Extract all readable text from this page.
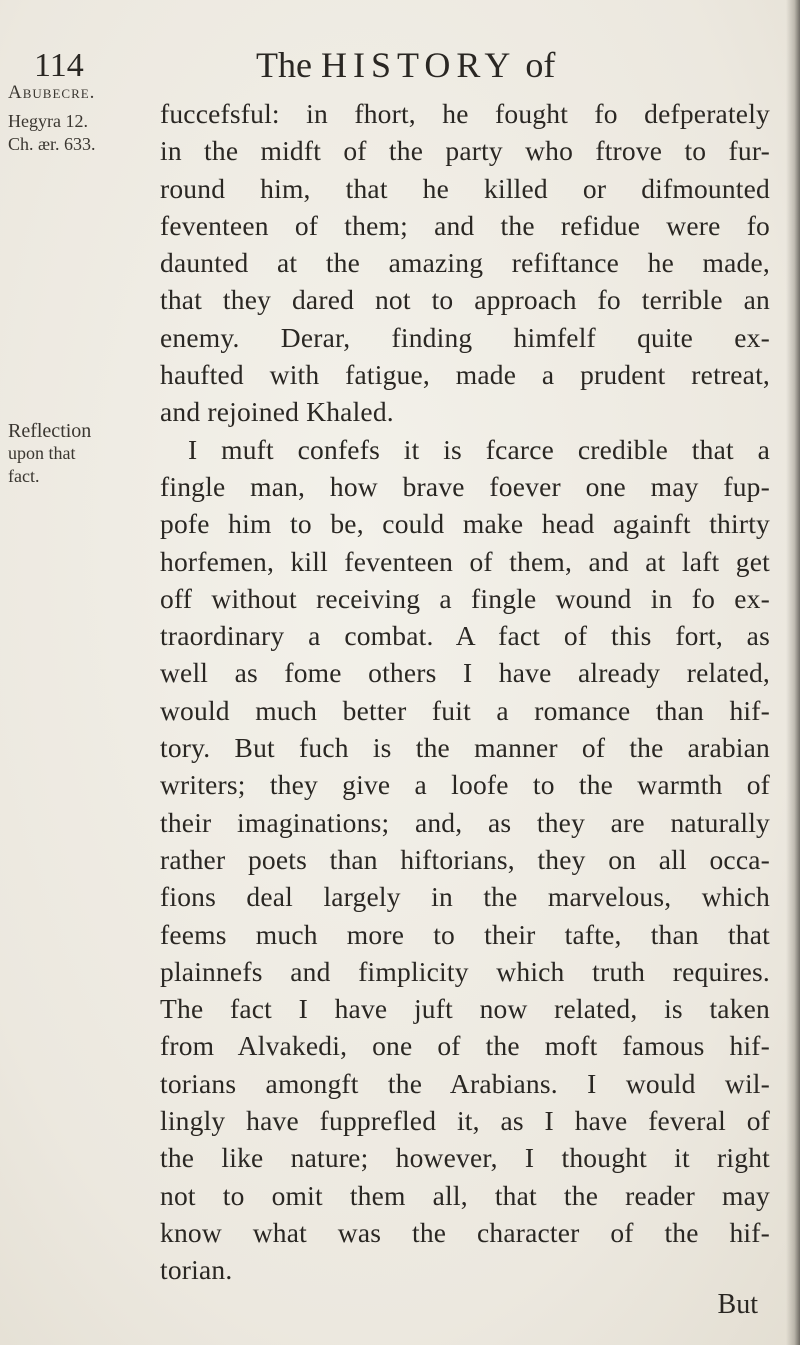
114	The HISTORY of

Abubecre.

Hegyra 12.

Ch. ær. 633.

Reflection

upon that

fact.

fuccefsful: in fhort, he fought fo defperately

in the midft of the party who ftrove to fur-

round him, that he killed or difmounted

feventeen of them; and the refidue were fo

daunted at the amazing refiftance he made,

that they dared not to approach fo terrible an

enemy. Derar, finding himfelf quite ex-

haufted with fatigue, made a prudent retreat,

and rejoined Khaled.

I muft confefs it is fcarce credible that a

fingle man, how brave foever one may fup-

pofe him to be, could make head againft thirty

horfemen, kill feventeen of them, and at laft get

off without receiving a fingle wound in fo ex-

traordinary a combat. A fact of this fort, as

well as fome others I have already related,

would much better fuit a romance than hif-

tory. But fuch is the manner of the arabian

writers; they give a loofe to the warmth of

their imaginations; and, as they are naturally

rather poets than hiftorians, they on all occa-

fions deal largely in the marvelous, which

feems much more to their tafte, than that

plainnefs and fimplicity which truth requires.

The fact I have juft now related, is taken

from Alvakedi, one of the moft famous hif-

torians amongft the Arabians. I would wil-

lingly have fupprefled it, as I have feveral of

the like nature; however, I thought it right

not to omit them all, that the reader may

know what was the character of the hif-

torian.

But
